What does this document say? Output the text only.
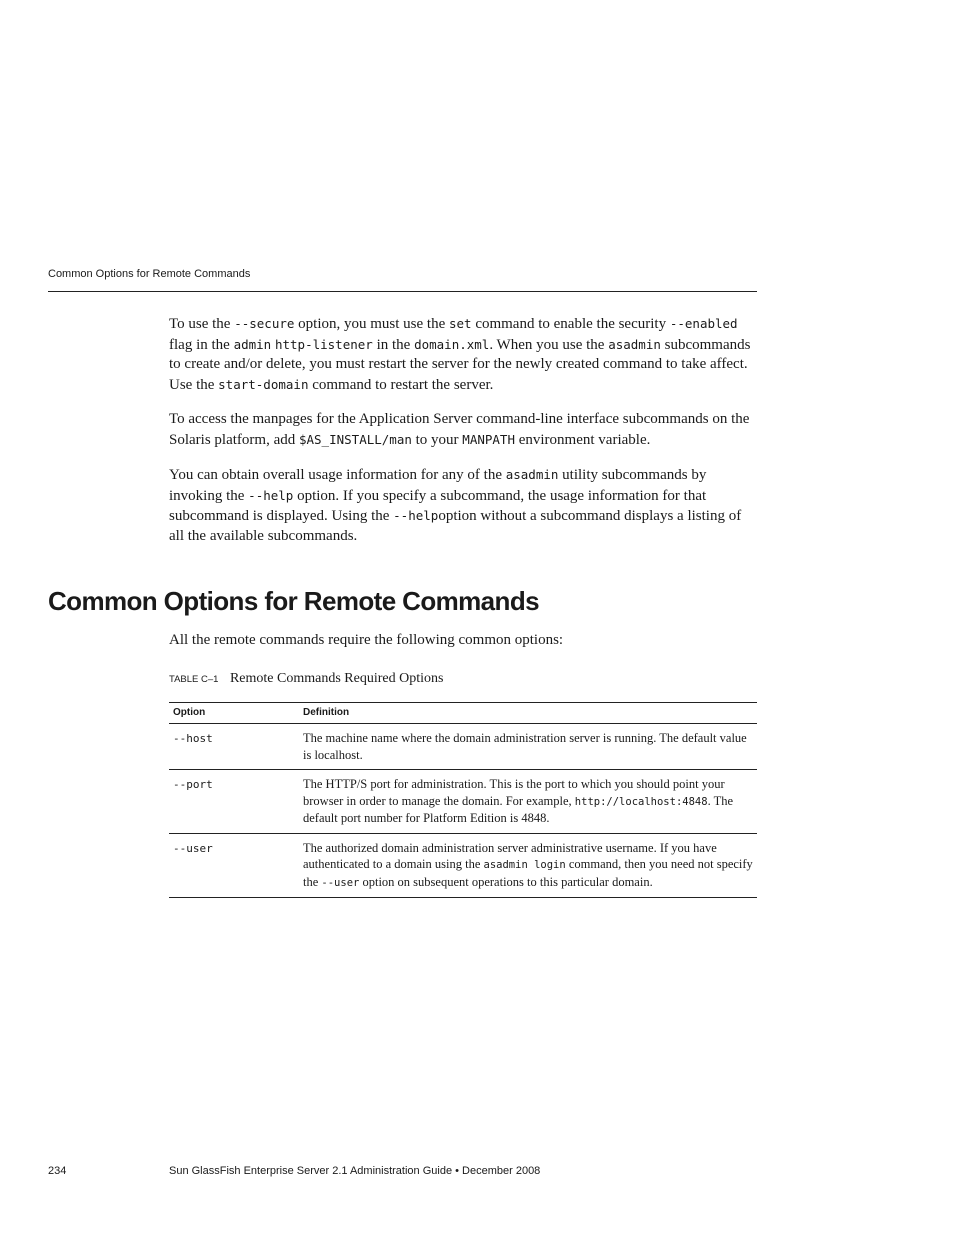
Common Options for Remote Commands

To use the --secure option, you must use the set command to enable the security --enabled flag in the admin http-listener in the domain.xml. When you use the asadmin subcommands to create and/or delete, you must restart the server for the newly created command to take affect. Use the start-domain command to restart the server.

To access the manpages for the Application Server command-line interface subcommands on the Solaris platform, add $AS_INSTALL/man to your MANPATH environment variable.

You can obtain overall usage information for any of the asadmin utility subcommands by invoking the --help option. If you specify a subcommand, the usage information for that subcommand is displayed. Using the --helpoption without a subcommand displays a listing of all the available subcommands.

Common Options for Remote Commands

All the remote commands require the following common options:

TABLE C–1 Remote Commands Required Options
Option	Definition
--host	The machine name where the domain administration server is running. The default value is localhost.
--port	The HTTP/S port for administration. This is the port to which you should point your browser in order to manage the domain. For example, http://localhost:4848. The default port number for Platform Edition is 4848.
--user	The authorized domain administration server administrative username. If you have authenticated to a domain using the asadmin login command, then you need not specify the --user option on subsequent operations to this particular domain.
234	Sun GlassFish Enterprise Server 2.1 Administration Guide • December 2008
